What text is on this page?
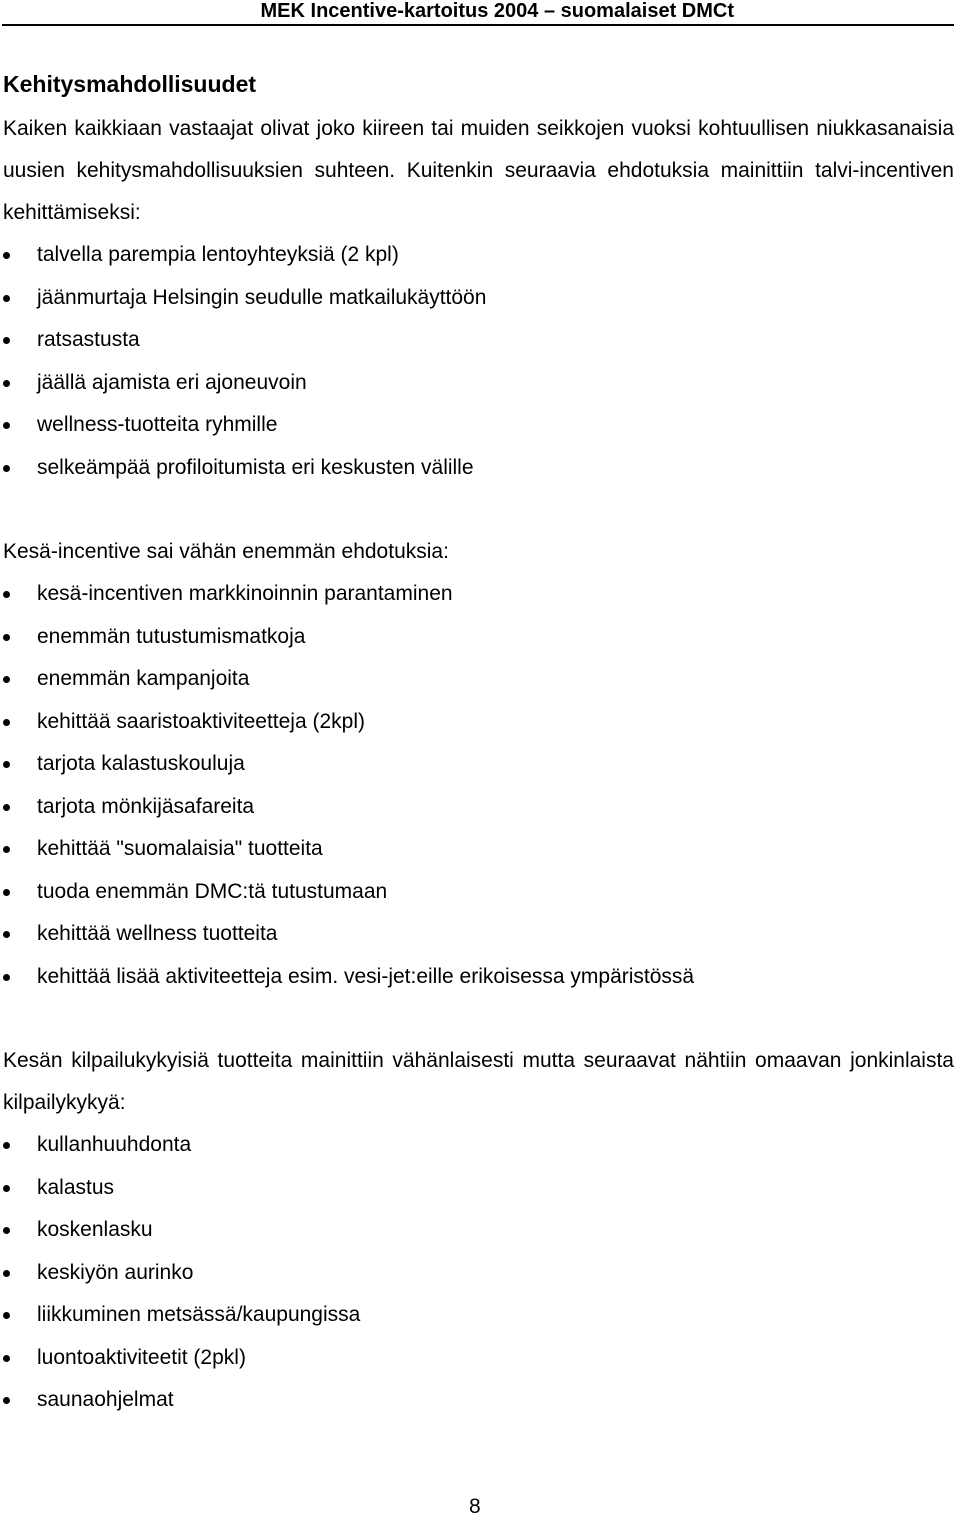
MEK Incentive-kartoitus 2004 – suomalaiset DMCt
Kehitysmahdollisuudet

Kaiken kaikkiaan vastaajat olivat joko kiireen tai muiden seikkojen vuoksi kohtuullisen niukkasanaisia uusien kehitysmahdollisuuksien suhteen. Kuitenkin seuraavia ehdotuksia mainittiin talvi-incentiven kehittämiseksi:

talvella parempia lentoyhteyksiä (2 kpl)
jäänmurtaja Helsingin seudulle matkailukäyttöön
ratsastusta
jäällä ajamista eri ajoneuvoin
wellness-tuotteita ryhmille
selkeämpää profiloitumista eri keskusten välille

Kesä-incentive sai vähän enemmän ehdotuksia:

kesä-incentiven markkinoinnin parantaminen
enemmän tutustumismatkoja
enemmän kampanjoita
kehittää saaristoaktiviteetteja (2kpl)
tarjota kalastuskouluja
tarjota mönkijäsafareita
kehittää "suomalaisia" tuotteita
tuoda enemmän DMC:tä tutustumaan
kehittää wellness tuotteita
kehittää lisää aktiviteetteja esim. vesi-jet:eille erikoisessa ympäristössä

Kesän kilpailukykyisiä tuotteita mainittiin vähänlaisesti mutta seuraavat nähtiin omaavan jonkinlaista kilpailykykyä:

kullanhuuhdonta
kalastus
koskenlasku
keskiyön aurinko
liikkuminen metsässä/kaupungissa
luontoaktiviteetit (2pkl)
saunaohjelmat
8
